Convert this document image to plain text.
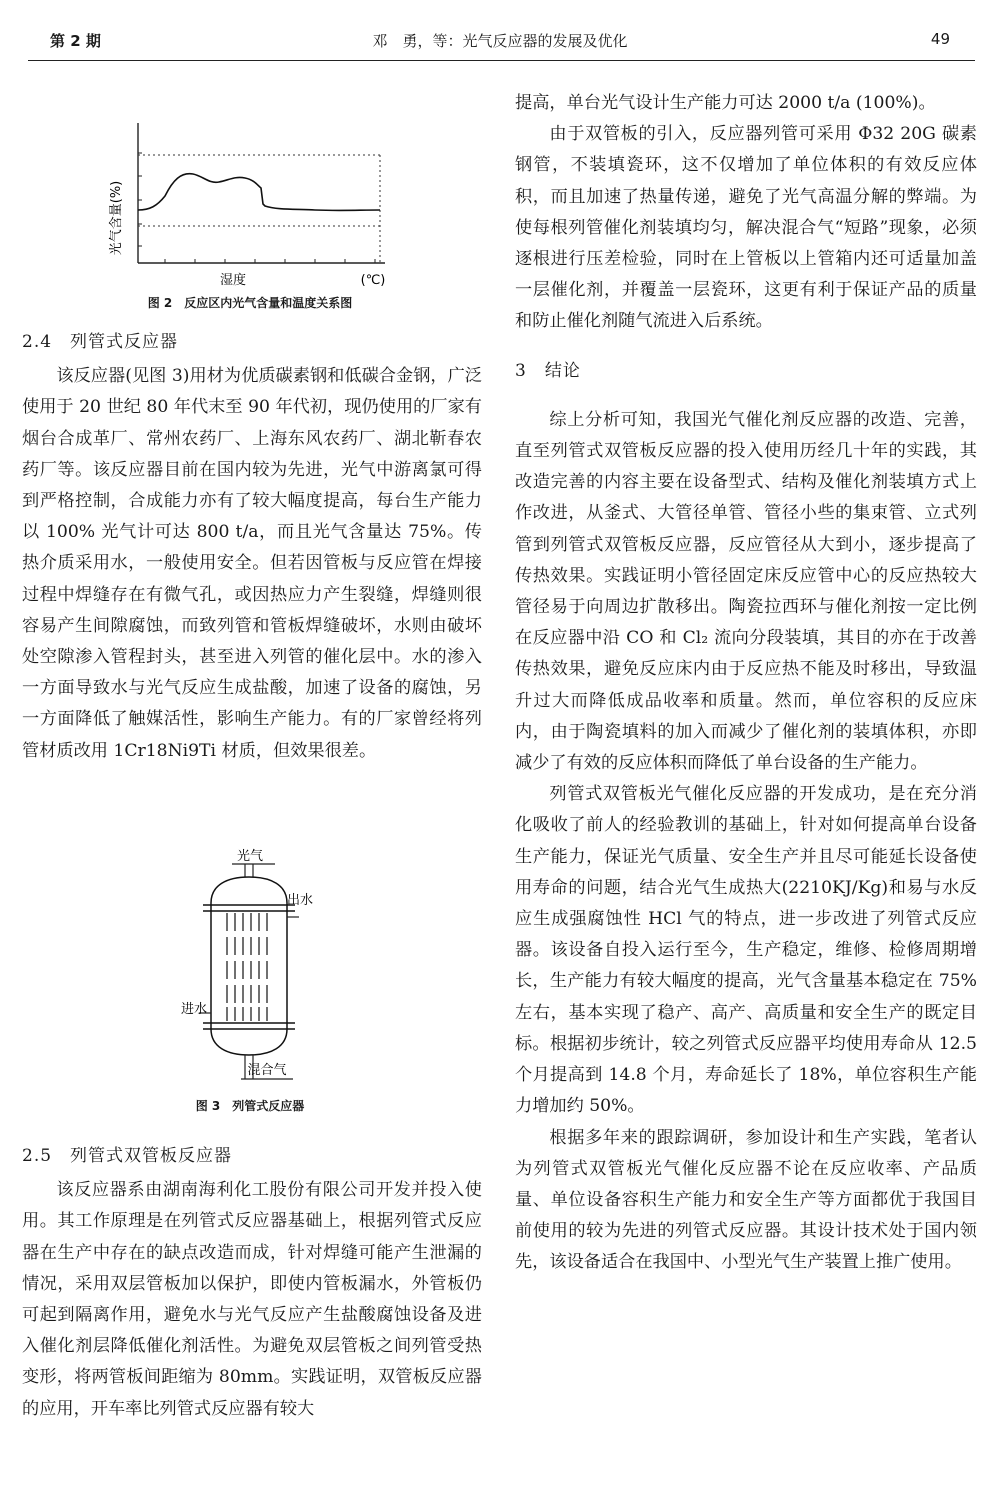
第 2 期	邓　勇，等：光气反应器的发展及优化	49
光气含量(%)
湿度	(℃)
图 2　反应区内光气含量和温度关系图
2.4　列管式反应器

该反应器(见图 3)用材为优质碳素钢和低碳合金钢，广泛使用于 20 世纪 80 年代末至 90 年代初，现仍使用的厂家有烟台合成革厂、常州农药厂、上海东风农药厂、湖北靳春农药厂等。该反应器目前在国内较为先进，光气中游离氯可得到严格控制，合成能力亦有了较大幅度提高，每台生产能力以 100% 光气计可达 800 t/a，而且光气含量达 75%。传热介质采用水，一般使用安全。但若因管板与反应管在焊接过程中焊缝存在有微气孔，或因热应力产生裂缝，焊缝则很容易产生间隙腐蚀，而致列管和管板焊缝破坏，水则由破坏处空隙渗入管程封头，甚至进入列管的催化层中。水的渗入一方面导致水与光气反应生成盐酸，加速了设备的腐蚀，另一方面降低了触媒活性，影响生产能力。有的厂家曾经将列管材质改用 1Cr18Ni9Ti 材质，但效果很差。

光气
出水
进水
混合气
图 3　列管式反应器
2.5　列管式双管板反应器

该反应器系由湖南海利化工股份有限公司开发并投入使用。其工作原理是在列管式反应器基础上，根据列管式反应器在生产中存在的缺点改造而成，针对焊缝可能产生泄漏的情况，采用双层管板加以保护，即使内管板漏水，外管板仍可起到隔离作用，避免水与光气反应产生盐酸腐蚀设备及进入催化剂层降低催化剂活性。为避免双层管板之间列管受热变形，将两管板间距缩为 80mm。实践证明，双管板反应器的应用，开车率比列管式反应器有较大

提高，单台光气设计生产能力可达 2000 t/a (100%)。

由于双管板的引入，反应器列管可采用 Φ32 20G 碳素钢管，不装填瓷环，这不仅增加了单位体积的有效反应体积，而且加速了热量传递，避免了光气高温分解的弊端。为使每根列管催化剂装填均匀，解决混合气“短路”现象，必须逐根进行压差检验，同时在上管板以上管箱内还可适量加盖一层催化剂，并覆盖一层瓷环，这更有利于保证产品的质量和防止催化剂随气流进入后系统。

3　结论

综上分析可知，我国光气催化剂反应器的改造、完善，直至列管式双管板反应器的投入使用历经几十年的实践，其改造完善的内容主要在设备型式、结构及催化剂装填方式上作改进，从釜式、大管径单管、管径小些的集束管、立式列管到列管式双管板反应器，反应管径从大到小，逐步提高了传热效果。实践证明小管径固定床反应管中心的反应热较大管径易于向周边扩散移出。陶瓷拉西环与催化剂按一定比例在反应器中沿 CO 和 Cl₂ 流向分段装填，其目的亦在于改善传热效果，避免反应床内由于反应热不能及时移出，导致温升过大而降低成品收率和质量。然而，单位容积的反应床内，由于陶瓷填料的加入而减少了催化剂的装填体积，亦即减少了有效的反应体积而降低了单台设备的生产能力。

列管式双管板光气催化反应器的开发成功，是在充分消化吸收了前人的经验教训的基础上，针对如何提高单台设备生产能力，保证光气质量、安全生产并且尽可能延长设备使用寿命的问题，结合光气生成热大(2210KJ/Kg)和易与水反应生成强腐蚀性 HCl 气的特点，进一步改进了列管式反应器。该设备自投入运行至今，生产稳定，维修、检修周期增长，生产能力有较大幅度的提高，光气含量基本稳定在 75%左右，基本实现了稳产、高产、高质量和安全生产的既定目标。根据初步统计，较之列管式反应器平均使用寿命从 12.5 个月提高到 14.8 个月，寿命延长了 18%，单位容积生产能力增加约 50%。

根据多年来的跟踪调研，参加设计和生产实践，笔者认为列管式双管板光气催化反应器不论在反应收率、产品质量、单位设备容积生产能力和安全生产等方面都优于我国目前使用的较为先进的列管式反应器。其设计技术处于国内领先，该设备适合在我国中、小型光气生产装置上推广使用。
